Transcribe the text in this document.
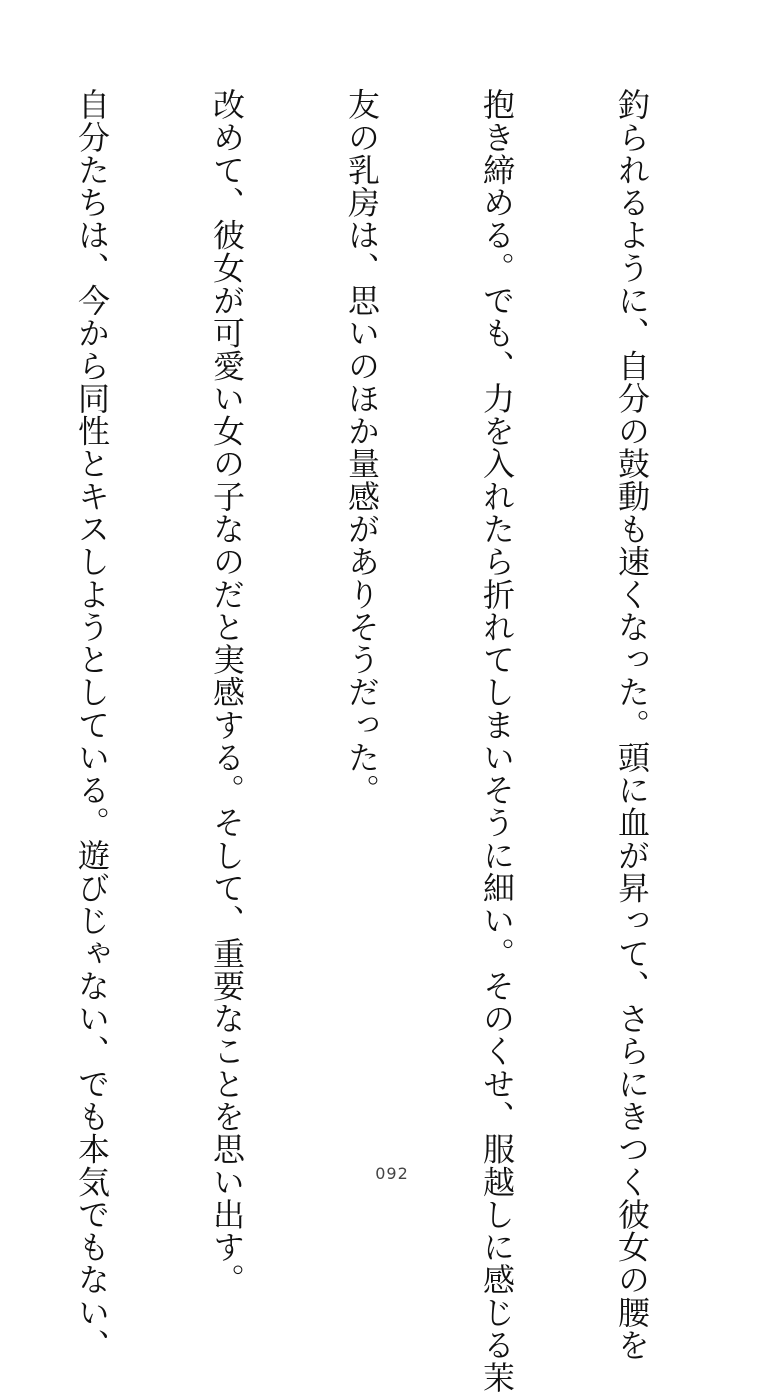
釣られるように、自分の鼓動も速くなった。頭に血が昇って、さらにきつく彼女の腰を

抱き締める。でも、力を入れたら折れてしまいそうに細い。そのくせ、服越しに感じる茉

友の乳房は、思いのほか量感がありそうだった。

改めて、彼女が可愛い女の子なのだと実感する。そして、重要なことを思い出す。

自分たちは、今から同性とキスしようとしている。遊びじゃない、でも本気でもない、

	092
